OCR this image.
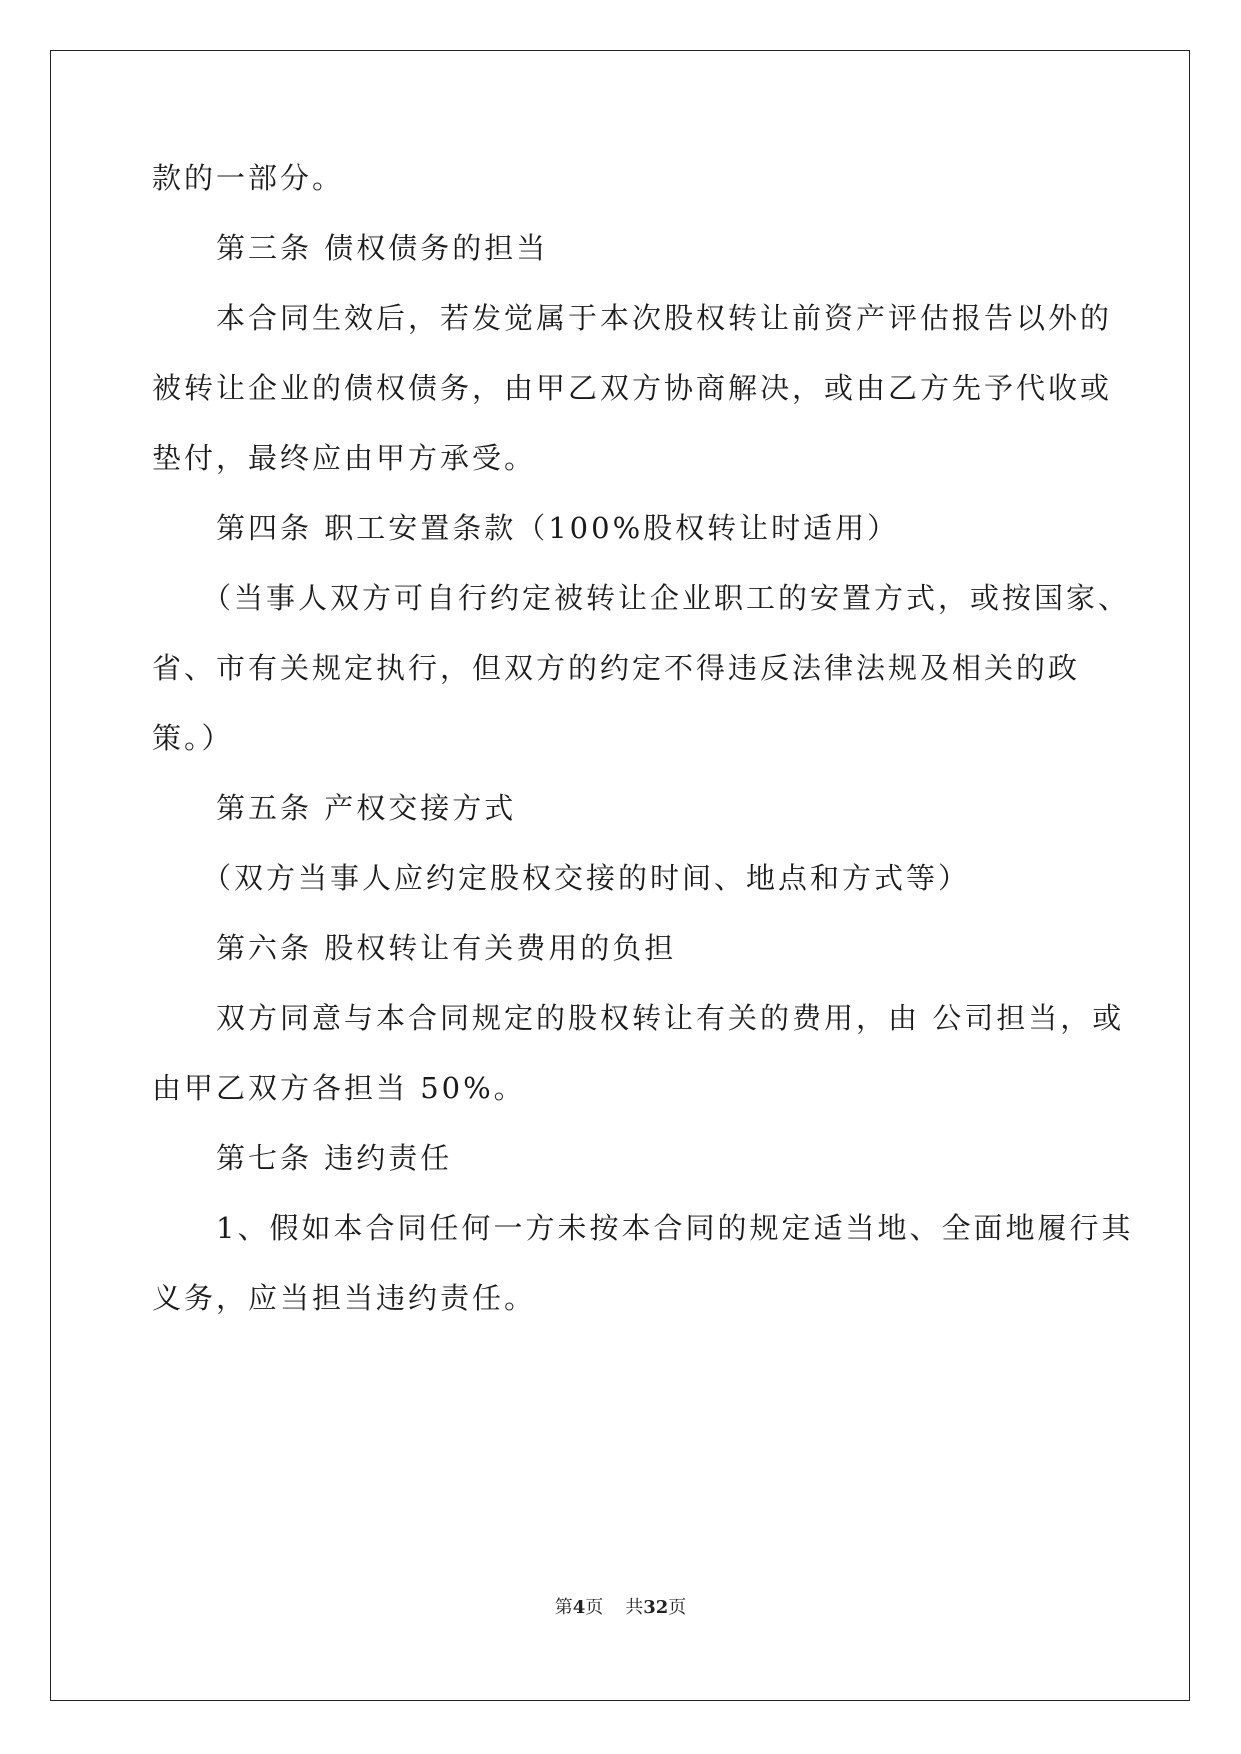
款的一部分。
第三条 债权债务的担当
本合同生效后，若发觉属于本次股权转让前资产评估报告以外的
被转让企业的债权债务，由甲乙双方协商解决，或由乙方先予代收或
垫付，最终应由甲方承受。
第四条 职工安置条款（100%股权转让时适用）
（当事人双方可自行约定被转让企业职工的安置方式，或按国家、
省、市有关规定执行，但双方的约定不得违反法律法规及相关的政
策。）
第五条 产权交接方式
（双方当事人应约定股权交接的时间、地点和方式等）
第六条 股权转让有关费用的负担
双方同意与本合同规定的股权转让有关的费用，由 公司担当，或
由甲乙双方各担当 50%。
第七条 违约责任
1、假如本合同任何一方未按本合同的规定适当地、全面地履行其
义务，应当担当违约责任。
第4页 共32页
